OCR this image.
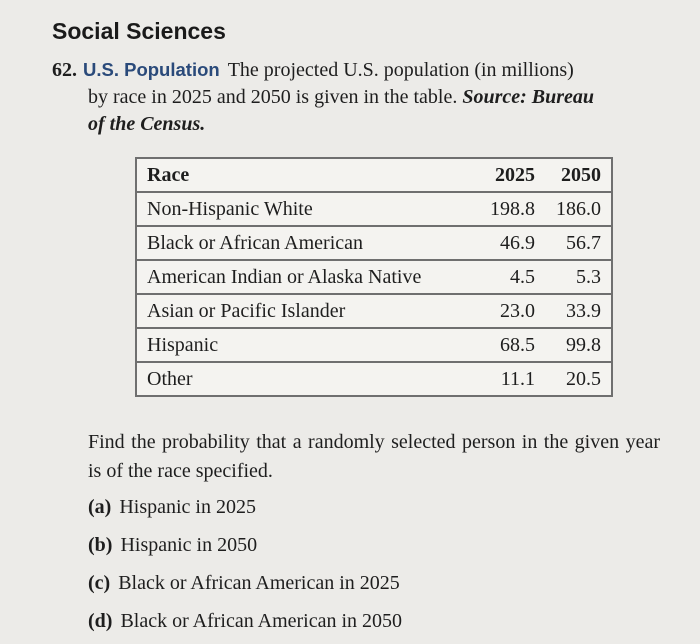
Social Sciences
62. U.S. Population The projected U.S. population (in millions)
by race in 2025 and 2050 is given in the table. Source: Bureau
of the Census.
Race	2025	2050
Non-Hispanic White	198.8	186.0
Black or African American	46.9	56.7
American Indian or Alaska Native	4.5	5.3
Asian or Pacific Islander	23.0	33.9
Hispanic	68.5	99.8
Other	11.1	20.5
Find the probability that a randomly selected person in the given year is of the race specified.
(a) Hispanic in 2025
(b) Hispanic in 2050
(c) Black or African American in 2025
(d) Black or African American in 2050
